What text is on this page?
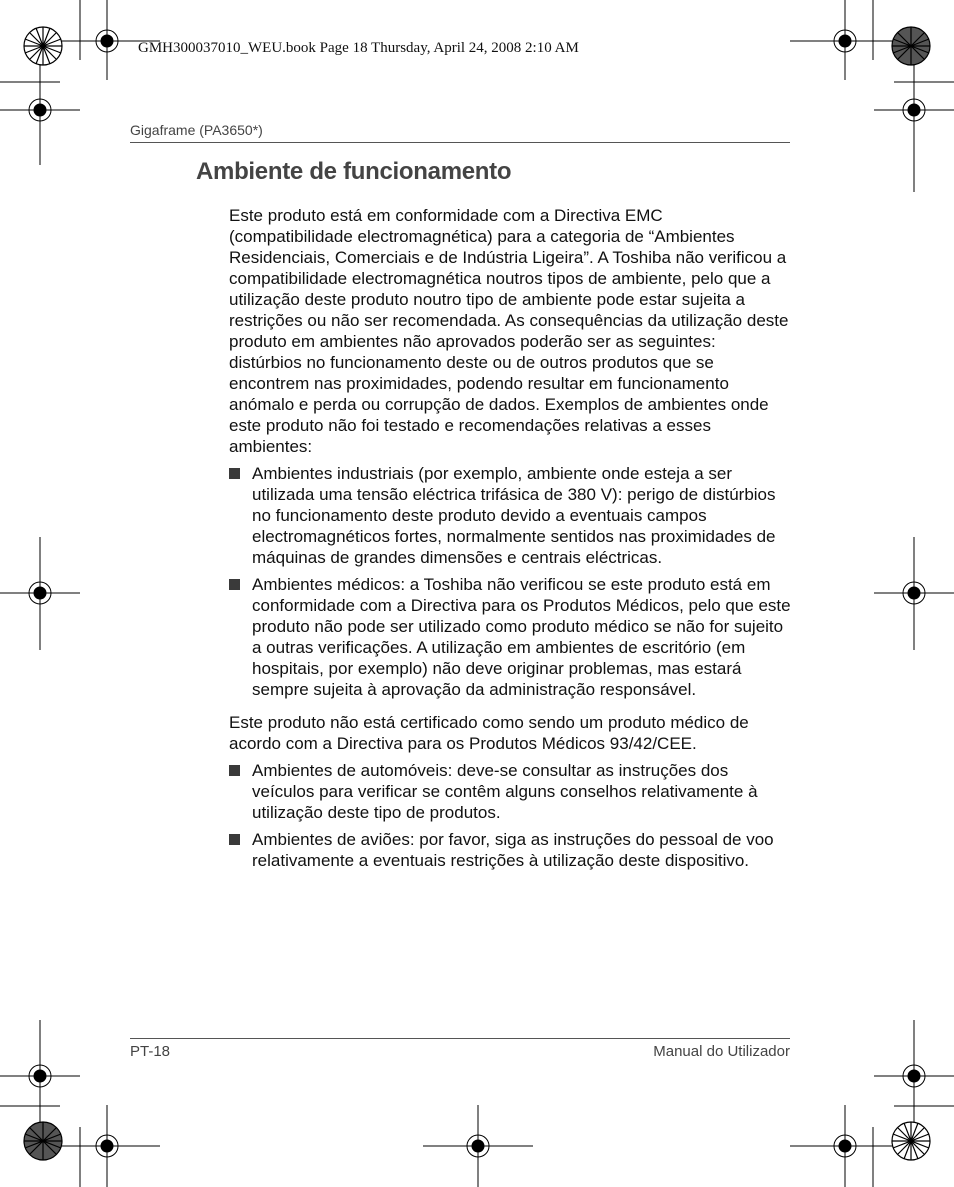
GMH300037010_WEU.book Page 18 Thursday, April 24, 2008 2:10 AM
Gigaframe (PA3650*)
Ambiente de funcionamento

Este produto está em conformidade com a Directiva EMC (compatibilidade electromagnética) para a categoria de “Ambientes Residenciais, Comerciais e de Indústria Ligeira”. A Toshiba não verificou a compatibilidade electromagnética noutros tipos de ambiente, pelo que a utilização deste produto noutro tipo de ambiente pode estar sujeita a restrições ou não ser recomendada. As consequências da utilização deste produto em ambientes não aprovados poderão ser as seguintes: distúrbios no funcionamento deste ou de outros produtos que se encontrem nas proximidades, podendo resultar em funcionamento anómalo e perda ou corrupção de dados. Exemplos de ambientes onde este produto não foi testado e recomendações relativas a esses ambientes:

Ambientes industriais (por exemplo, ambiente onde esteja a ser utilizada uma tensão eléctrica trifásica de 380 V): perigo de distúrbios no funcionamento deste produto devido a eventuais campos electromagnéticos fortes, normalmente sentidos nas proximidades de máquinas de grandes dimensões e centrais eléctricas.
Ambientes médicos: a Toshiba não verificou se este produto está em conformidade com a Directiva para os Produtos Médicos, pelo que este produto não pode ser utilizado como produto médico se não for sujeito a outras verificações. A utilização em ambientes de escritório (em hospitais, por exemplo) não deve originar problemas, mas estará sempre sujeita à aprovação da administração responsável.

Este produto não está certificado como sendo um produto médico de acordo com a Directiva para os Produtos Médicos 93/42/CEE.

Ambientes de automóveis: deve-se consultar as instruções dos veículos para verificar se contêm alguns conselhos relativamente à utilização deste tipo de produtos.
Ambientes de aviões: por favor, siga as instruções do pessoal de voo relativamente a eventuais restrições à utilização deste dispositivo.
PT-18	Manual do Utilizador
